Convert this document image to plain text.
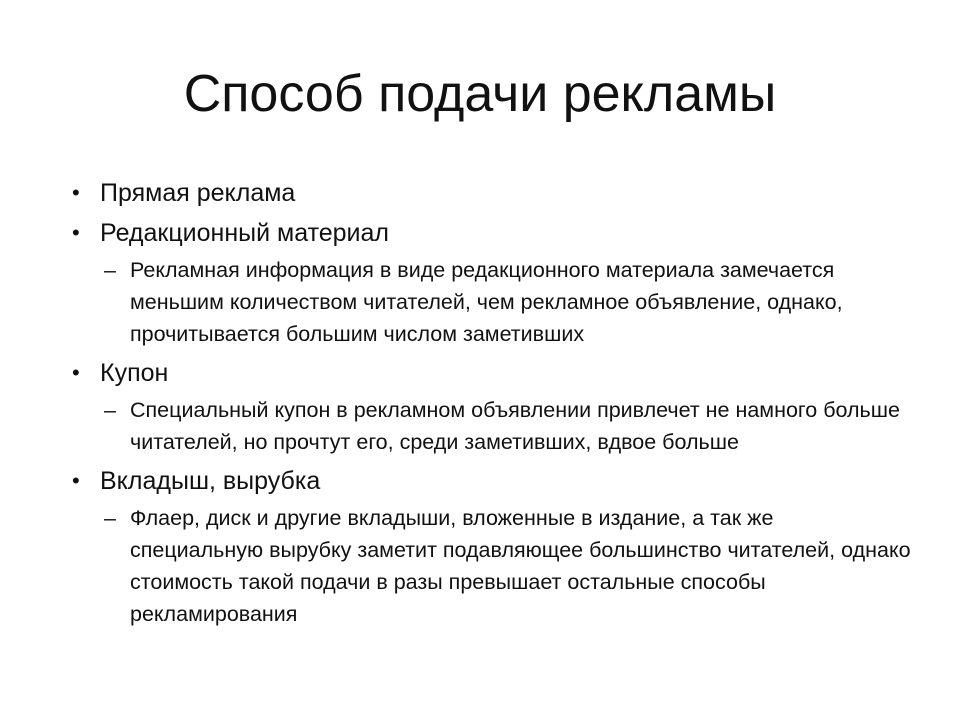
Способ подачи рекламы
• Прямая реклама
• Редакционный материал
– Рекламная информация в виде редакционного материала замечается меньшим количеством читателей, чем рекламное объявление, однако, прочитывается большим числом заметивших
• Купон
– Специальный купон в рекламном объявлении привлечет не намного больше читателей, но прочтут его, среди заметивших, вдвое больше
• Вкладыш, вырубка
– Флаер, диск и другие вкладыши, вложенные в издание, а так же специальную вырубку заметит подавляющее большинство читателей, однако стоимость такой подачи в разы превышает остальные способы рекламирования
